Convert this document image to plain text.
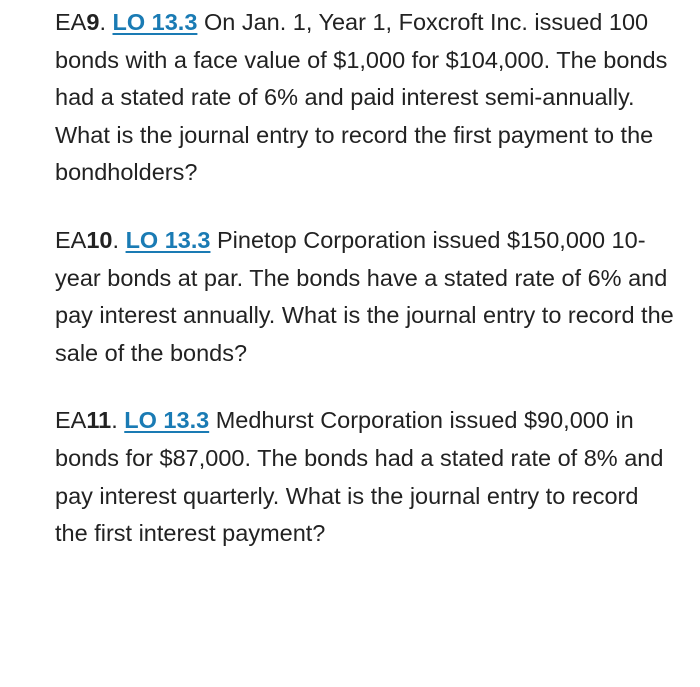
EA9. LO 13.3 On Jan. 1, Year 1, Foxcroft Inc. issued 100 bonds with a face value of $1,000 for $104,000. The bonds had a stated rate of 6% and paid interest semi-annually. What is the journal entry to record the first payment to the bondholders?

EA10. LO 13.3 Pinetop Corporation issued $150,000 10-year bonds at par. The bonds have a stated rate of 6% and pay interest annually. What is the journal entry to record the sale of the bonds?

EA11. LO 13.3 Medhurst Corporation issued $90,000 in bonds for $87,000. The bonds had a stated rate of 8% and pay interest quarterly. What is the journal entry to record the first interest payment?
